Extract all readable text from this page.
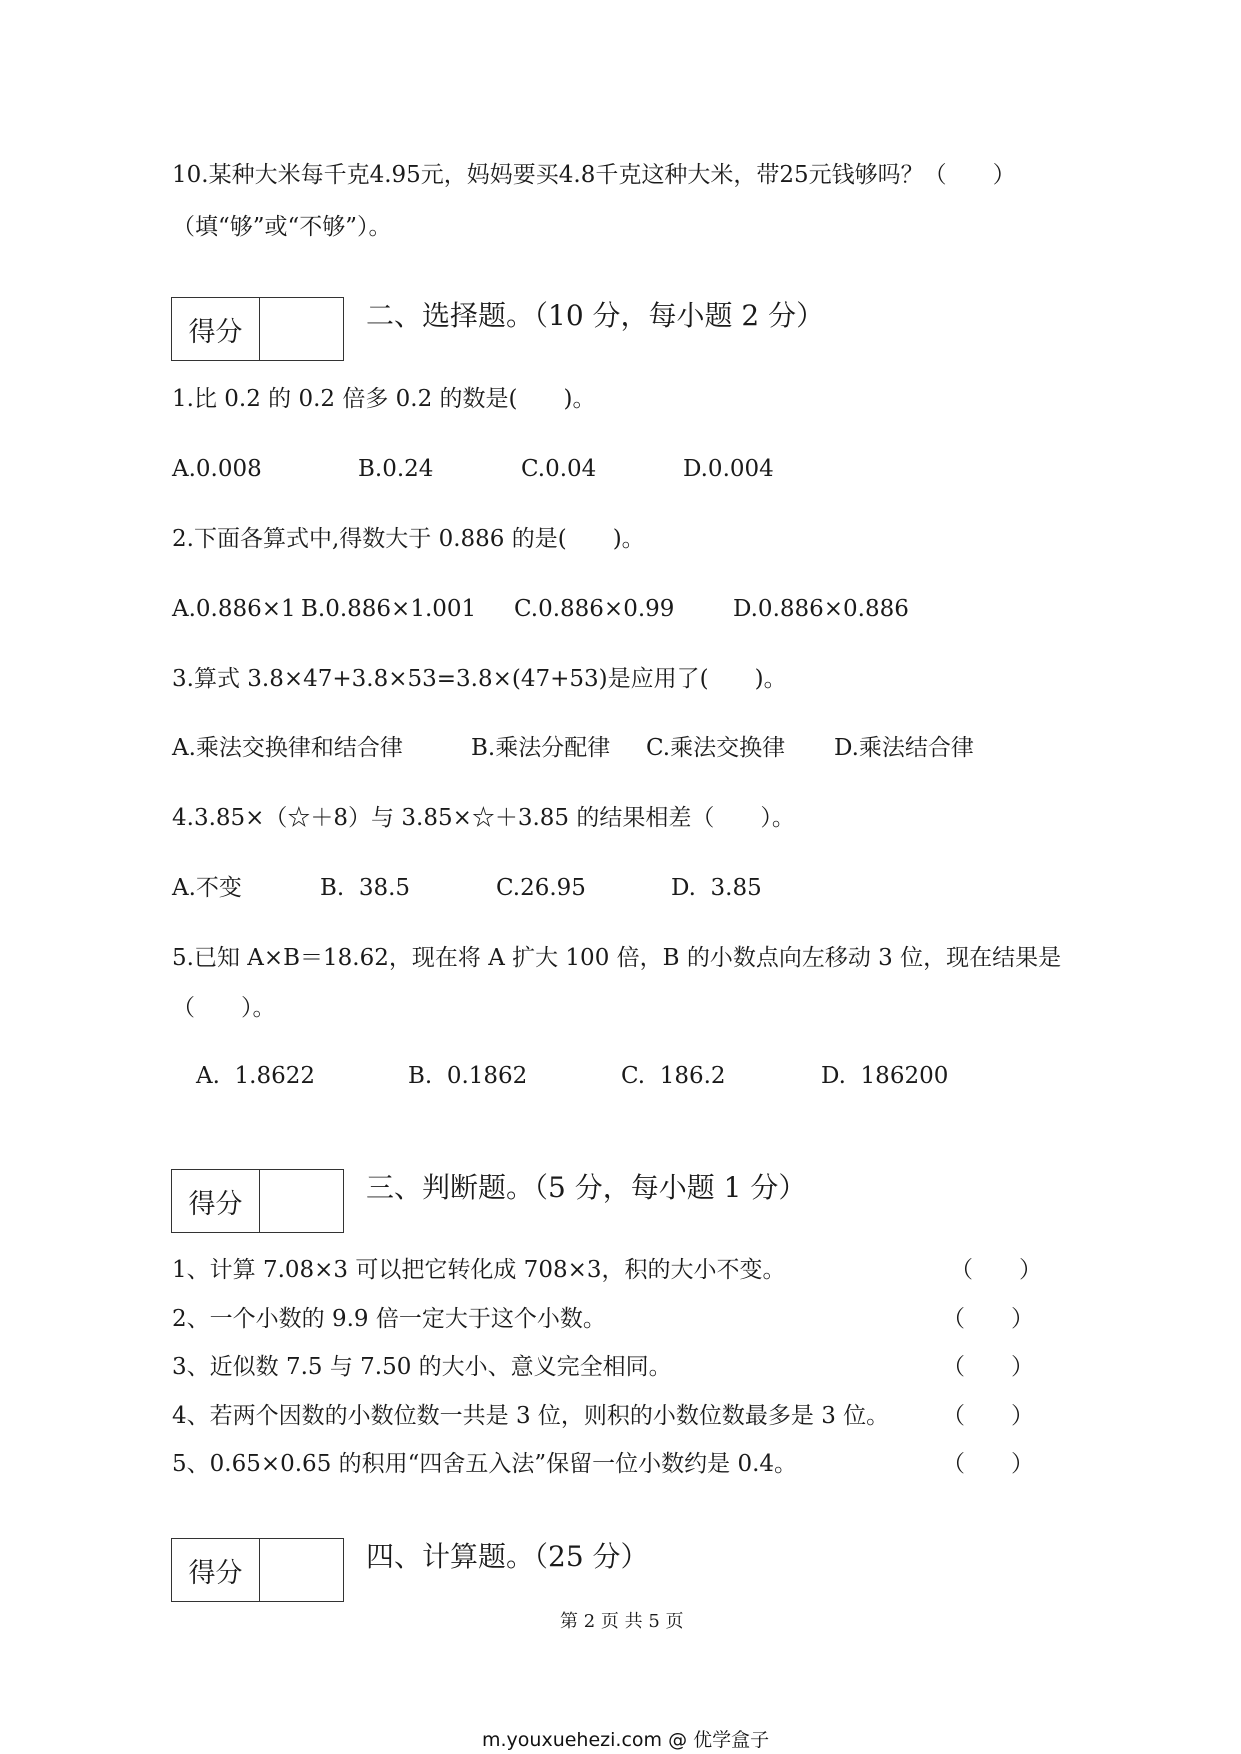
10.某种大米每千克4.95元，妈妈要买4.8千克这种大米，带25元钱够吗？（　　）
（填“够”或“不够”）。
得分	二、选择题。（10 分，每小题 2 分）
1.比 0.2 的 0.2 倍多 0.2 的数是(　　)。
A.0.008	B.0.24	C.0.04	D.0.004
2.下面各算式中,得数大于 0.886 的是(　　)。
A.0.886×1 B.0.886×1.001 C.0.886×0.99	D.0.886×0.886
3.算式 3.8×47+3.8×53=3.8×(47+53)是应用了(　　)。
A.乘法交换律和结合律	B.乘法分配律 C.乘法交换律 D.乘法结合律
4.3.85×（☆＋8）与 3.85×☆＋3.85 的结果相差（　　）。
A.不变	B.  38.5	C.26.95	D.  3.85
5.已知 A×B＝18.62，现在将 A 扩大 100 倍，B 的小数点向左移动 3 位，现在结果是
（　　）。
A.  1.8622	B.  0.1862	C.  186.2	D.  186200
得分	三、判断题。（5 分，每小题 1 分）
1、计算 7.08×3 可以把它转化成 708×3，积的大小不变。	（　　）
2、一个小数的 9.9 倍一定大于这个小数。	（　　）
3、近似数 7.5 与 7.50 的大小、意义完全相同。	（　　）
4、若两个因数的小数位数一共是 3 位，则积的小数位数最多是 3 位。 （　　）
5、0.65×0.65 的积用“四舍五入法”保留一位小数约是 0.4。	（　　）
得分	四、计算题。（25 分）
第 2 页 共 5 页
m.youxuehezi.com @ 优学盒子
